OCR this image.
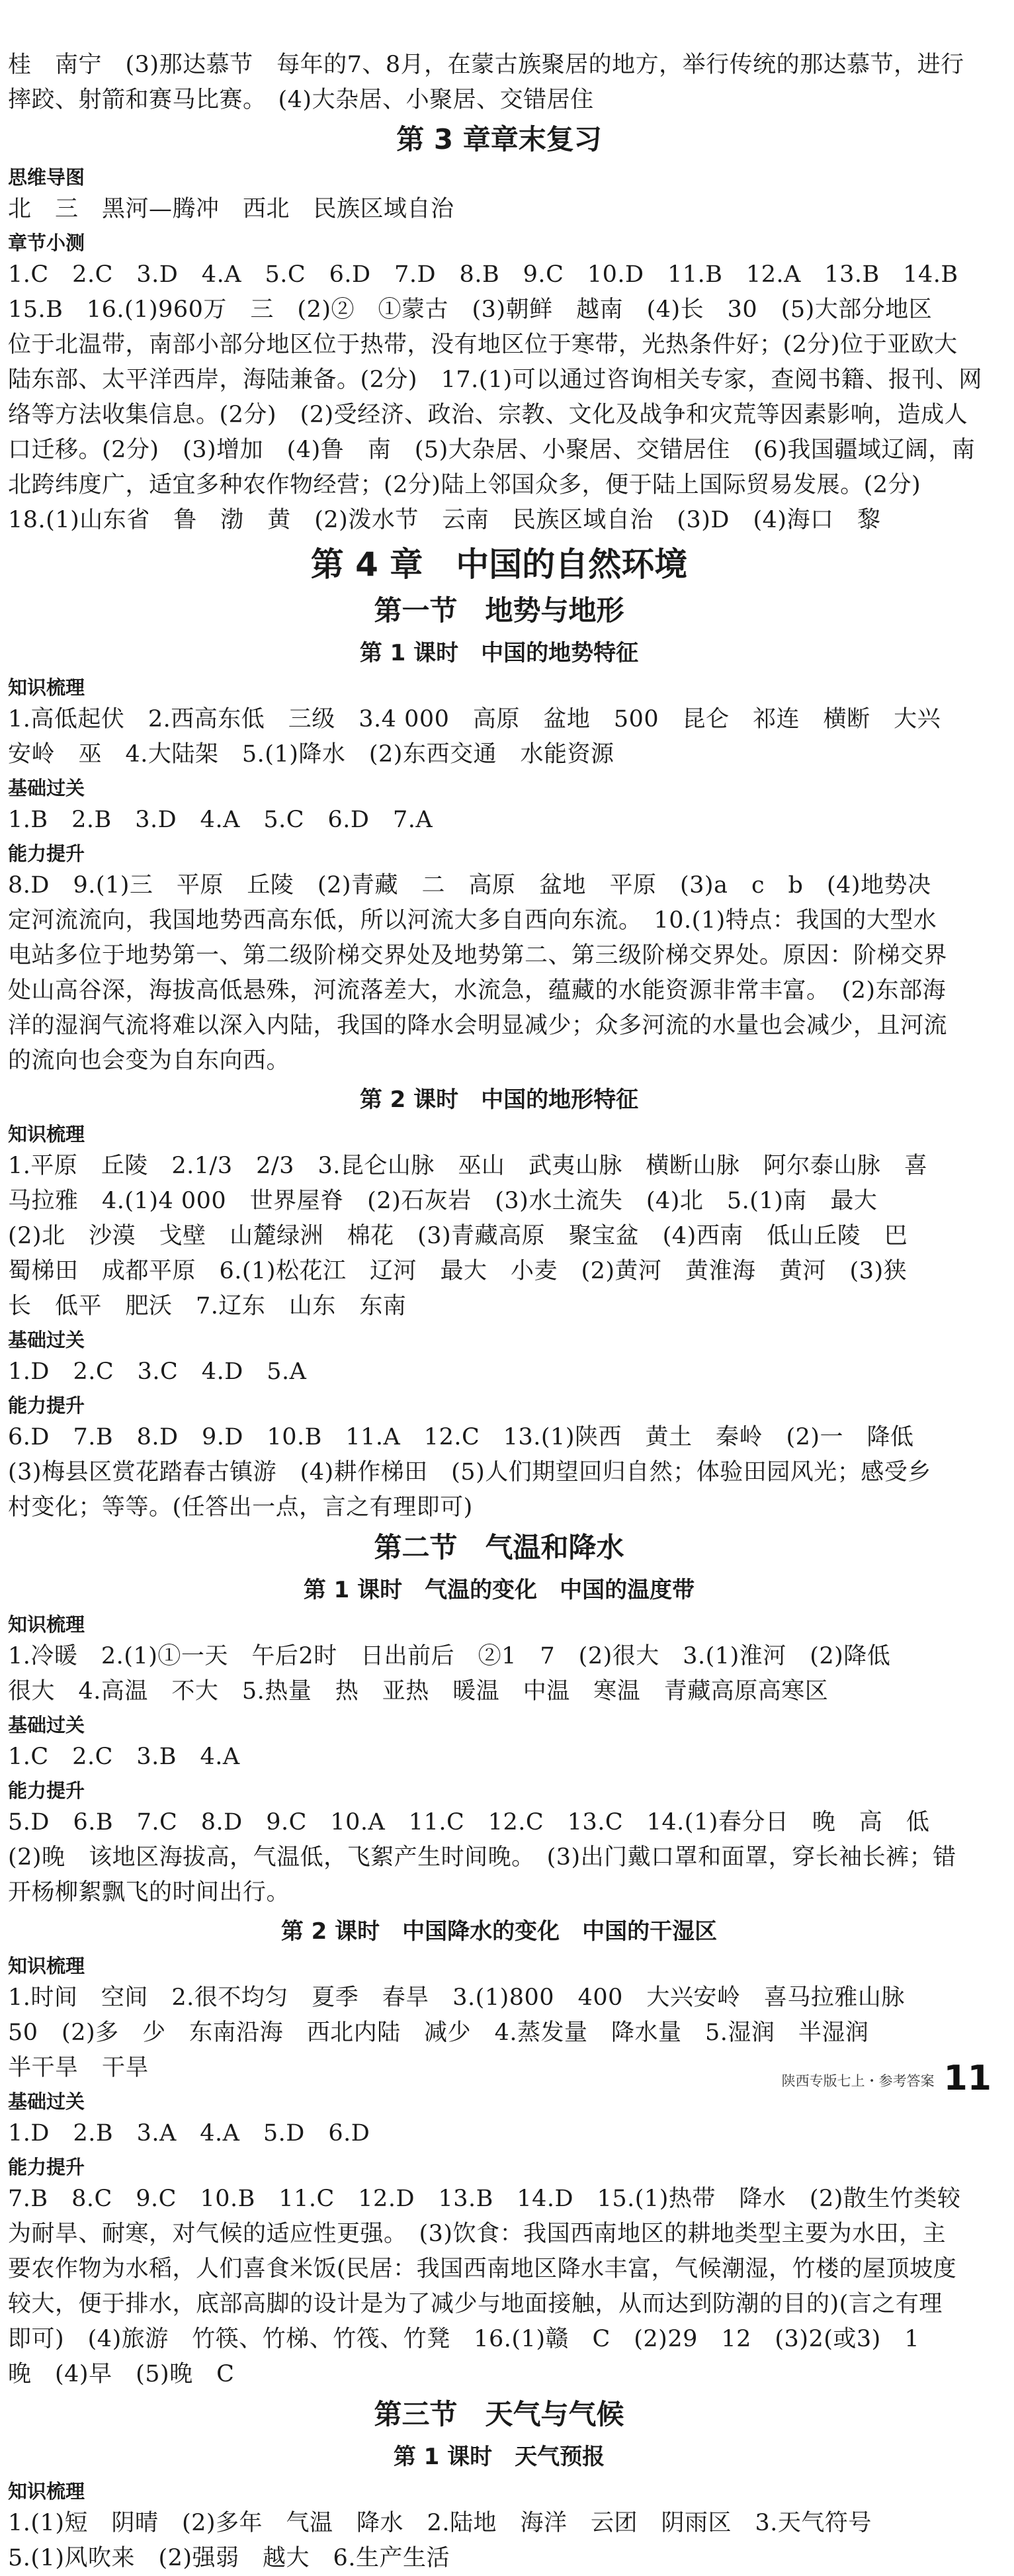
桂　南宁　(3)那达慕节　每年的7、8月，在蒙古族聚居的地方，举行传统的那达慕节，进行

摔跤、射箭和赛马比赛。　(4)大杂居、小聚居、交错居住

第 3 章章末复习
思维导图

北　三　黑河—腾冲　西北　民族区域自治

章节小测

1.C　2.C　3.D　4.A　5.C　6.D　7.D　8.B　9.C　10.D　11.B　12.A　13.B　14.B
15.B　16.(1)960万　三　(2)②　①蒙古　(3)朝鲜　越南　(4)长　30　(5)大部分地区
位于北温带，南部小部分地区位于热带，没有地区位于寒带，光热条件好；(2分)位于亚欧大
陆东部、太平洋西岸，海陆兼备。(2分)　17.(1)可以通过咨询相关专家，查阅书籍、报刊、网
络等方法收集信息。(2分)　(2)受经济、政治、宗教、文化及战争和灾荒等因素影响，造成人
口迁移。(2分)　(3)增加　(4)鲁　南　(5)大杂居、小聚居、交错居住　(6)我国疆域辽阔，南
北跨纬度广，适宜多种农作物经营；(2分)陆上邻国众多，便于陆上国际贸易发展。(2分)
18.(1)山东省　鲁　渤　黄　(2)泼水节　云南　民族区域自治　(3)D　(4)海口　黎

第 4 章　中国的自然环境
第一节　地势与地形
第 1 课时　中国的地势特征
知识梳理

1.高低起伏　2.西高东低　三级　3.4 000　高原　盆地　500　昆仑　祁连　横断　大兴
安岭　巫　4.大陆架　5.(1)降水　(2)东西交通　水能资源

基础过关

1.B　2.B　3.D　4.A　5.C　6.D　7.A

能力提升

8.D　9.(1)三　平原　丘陵　(2)青藏　二　高原　盆地　平原　(3)a　c　b　(4)地势决
定河流流向，我国地势西高东低，所以河流大多自西向东流。　10.(1)特点：我国的大型水
电站多位于地势第一、第二级阶梯交界处及地势第二、第三级阶梯交界处。原因：阶梯交界
处山高谷深，海拔高低悬殊，河流落差大，水流急，蕴藏的水能资源非常丰富。　(2)东部海
洋的湿润气流将难以深入内陆，我国的降水会明显减少；众多河流的水量也会减少，且河流
的流向也会变为自东向西。

第 2 课时　中国的地形特征
知识梳理

1.平原　丘陵　2.1/3　2/3　3.昆仑山脉　巫山　武夷山脉　横断山脉　阿尔泰山脉　喜
马拉雅　4.(1)4 000　世界屋脊　(2)石灰岩　(3)水土流失　(4)北　5.(1)南　最大
(2)北　沙漠　戈壁　山麓绿洲　棉花　(3)青藏高原　聚宝盆　(4)西南　低山丘陵　巴
蜀梯田　成都平原　6.(1)松花江　辽河　最大　小麦　(2)黄河　黄淮海　黄河　(3)狭
长　低平　肥沃　7.辽东　山东　东南

基础过关

1.D　2.C　3.C　4.D　5.A

能力提升

6.D　7.B　8.D　9.D　10.B　11.A　12.C　13.(1)陕西　黄土　秦岭　(2)一　降低
(3)梅县区赏花踏春古镇游　(4)耕作梯田　(5)人们期望回归自然；体验田园风光；感受乡
村变化；等等。(任答出一点，言之有理即可)

第二节　气温和降水
第 1 课时　气温的变化　中国的温度带
知识梳理

1.冷暖　2.(1)①一天　午后2时　日出前后　②1　7　(2)很大　3.(1)淮河　(2)降低
很大　4.高温　不大　5.热量　热　亚热　暖温　中温　寒温　青藏高原高寒区

基础过关

1.C　2.C　3.B　4.A

能力提升

5.D　6.B　7.C　8.D　9.C　10.A　11.C　12.C　13.C　14.(1)春分日　晚　高　低
(2)晚　该地区海拔高，气温低，飞絮产生时间晚。　(3)出门戴口罩和面罩，穿长袖长裤；错
开杨柳絮飘飞的时间出行。

第 2 课时　中国降水的变化　中国的干湿区
知识梳理

1.时间　空间　2.很不均匀　夏季　春旱　3.(1)800　400　大兴安岭　喜马拉雅山脉
50　(2)多　少　东南沿海　西北内陆　减少　4.蒸发量　降水量　5.湿润　半湿润
半干旱　干旱

基础过关

1.D　2.B　3.A　4.A　5.D　6.D

能力提升

7.B　8.C　9.C　10.B　11.C　12.D　13.B　14.D　15.(1)热带　降水　(2)散生竹类较
为耐旱、耐寒，对气候的适应性更强。　(3)饮食：我国西南地区的耕地类型主要为水田，主
要农作物为水稻，人们喜食米饭(民居：我国西南地区降水丰富，气候潮湿，竹楼的屋顶坡度
较大，便于排水，底部高脚的设计是为了减少与地面接触，从而达到防潮的目的)(言之有理
即可)　(4)旅游　竹筷、竹梯、竹筏、竹凳　16.(1)赣　C　(2)29　12　(3)2(或3)　1
晚　(4)早　(5)晚　C

第三节　天气与气候
第 1 课时　天气预报
知识梳理

1.(1)短　阴晴　(2)多年　气温　降水　2.陆地　海洋　云团　阴雨区　3.天气符号
5.(1)风吹来　(2)强弱　越大　6.生产生活

陕西专版七上・参考答案 11
